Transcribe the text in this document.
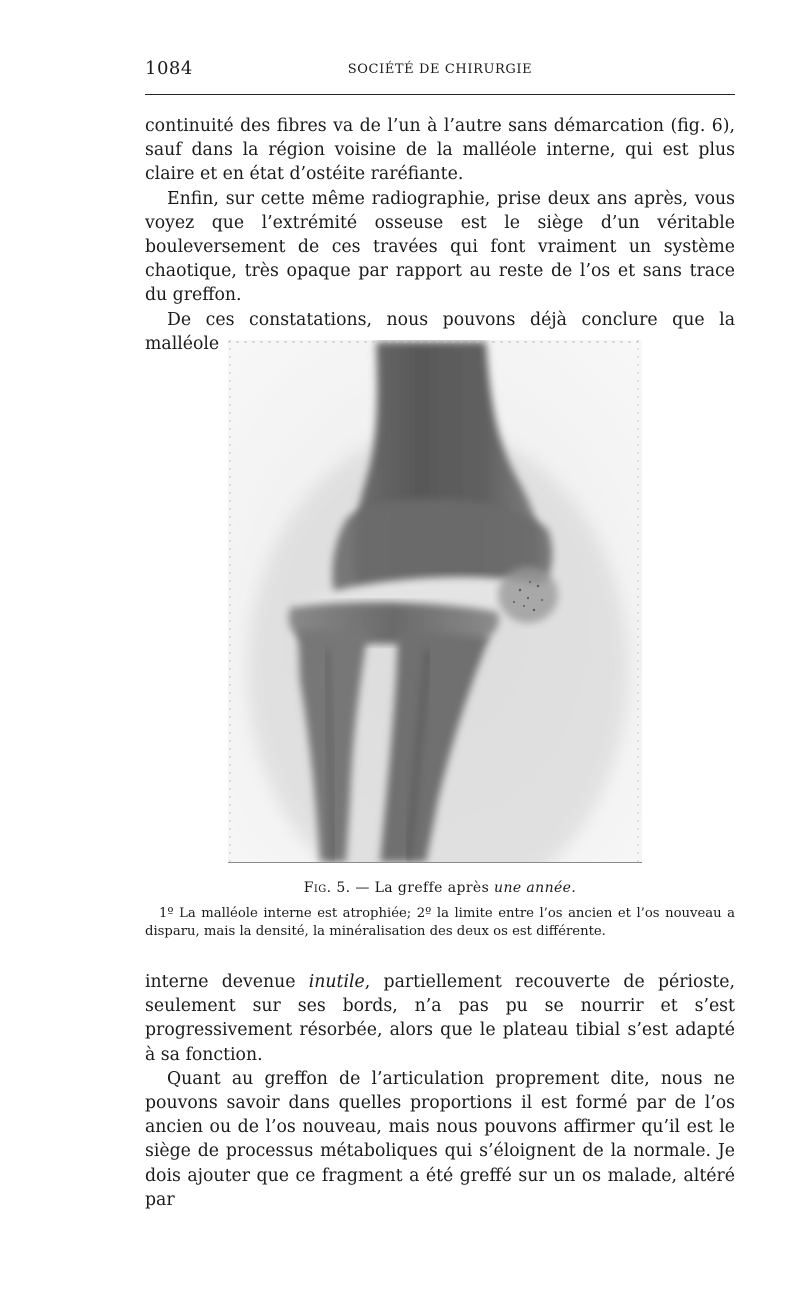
1084	SOCIÉTÉ DE CHIRURGIE

continuité des fibres va de l’un à l’autre sans démarcation (fig. 6), sauf dans la région voisine de la malléole interne, qui est plus claire et en état d’ostéite raréfiante.

Enfin, sur cette même radiographie, prise deux ans après, vous voyez que l’extrémité osseuse est le siège d’un véritable bouleversement de ces travées qui font vraiment un système chaotique, très opaque par rapport au reste de l’os et sans trace du greffon.

De ces constatations, nous pouvons déjà conclure que la malléole

Fig. 5. — La greffe après une année.

1º La malléole interne est atrophiée; 2º la limite entre l’os ancien et l’os nouveau a disparu, mais la densité, la minéralisation des deux os est différente.

interne devenue inutile, partiellement recouverte de périoste, seulement sur ses bords, n’a pas pu se nourrir et s’est progressivement résorbée, alors que le plateau tibial s’est adapté à sa fonction.

Quant au greffon de l’articulation proprement dite, nous ne pouvons savoir dans quelles proportions il est formé par de l’os ancien ou de l’os nouveau, mais nous pouvons affirmer qu’il est le siège de processus métaboliques qui s’éloignent de la normale. Je dois ajouter que ce fragment a été greffé sur un os malade, altéré par
